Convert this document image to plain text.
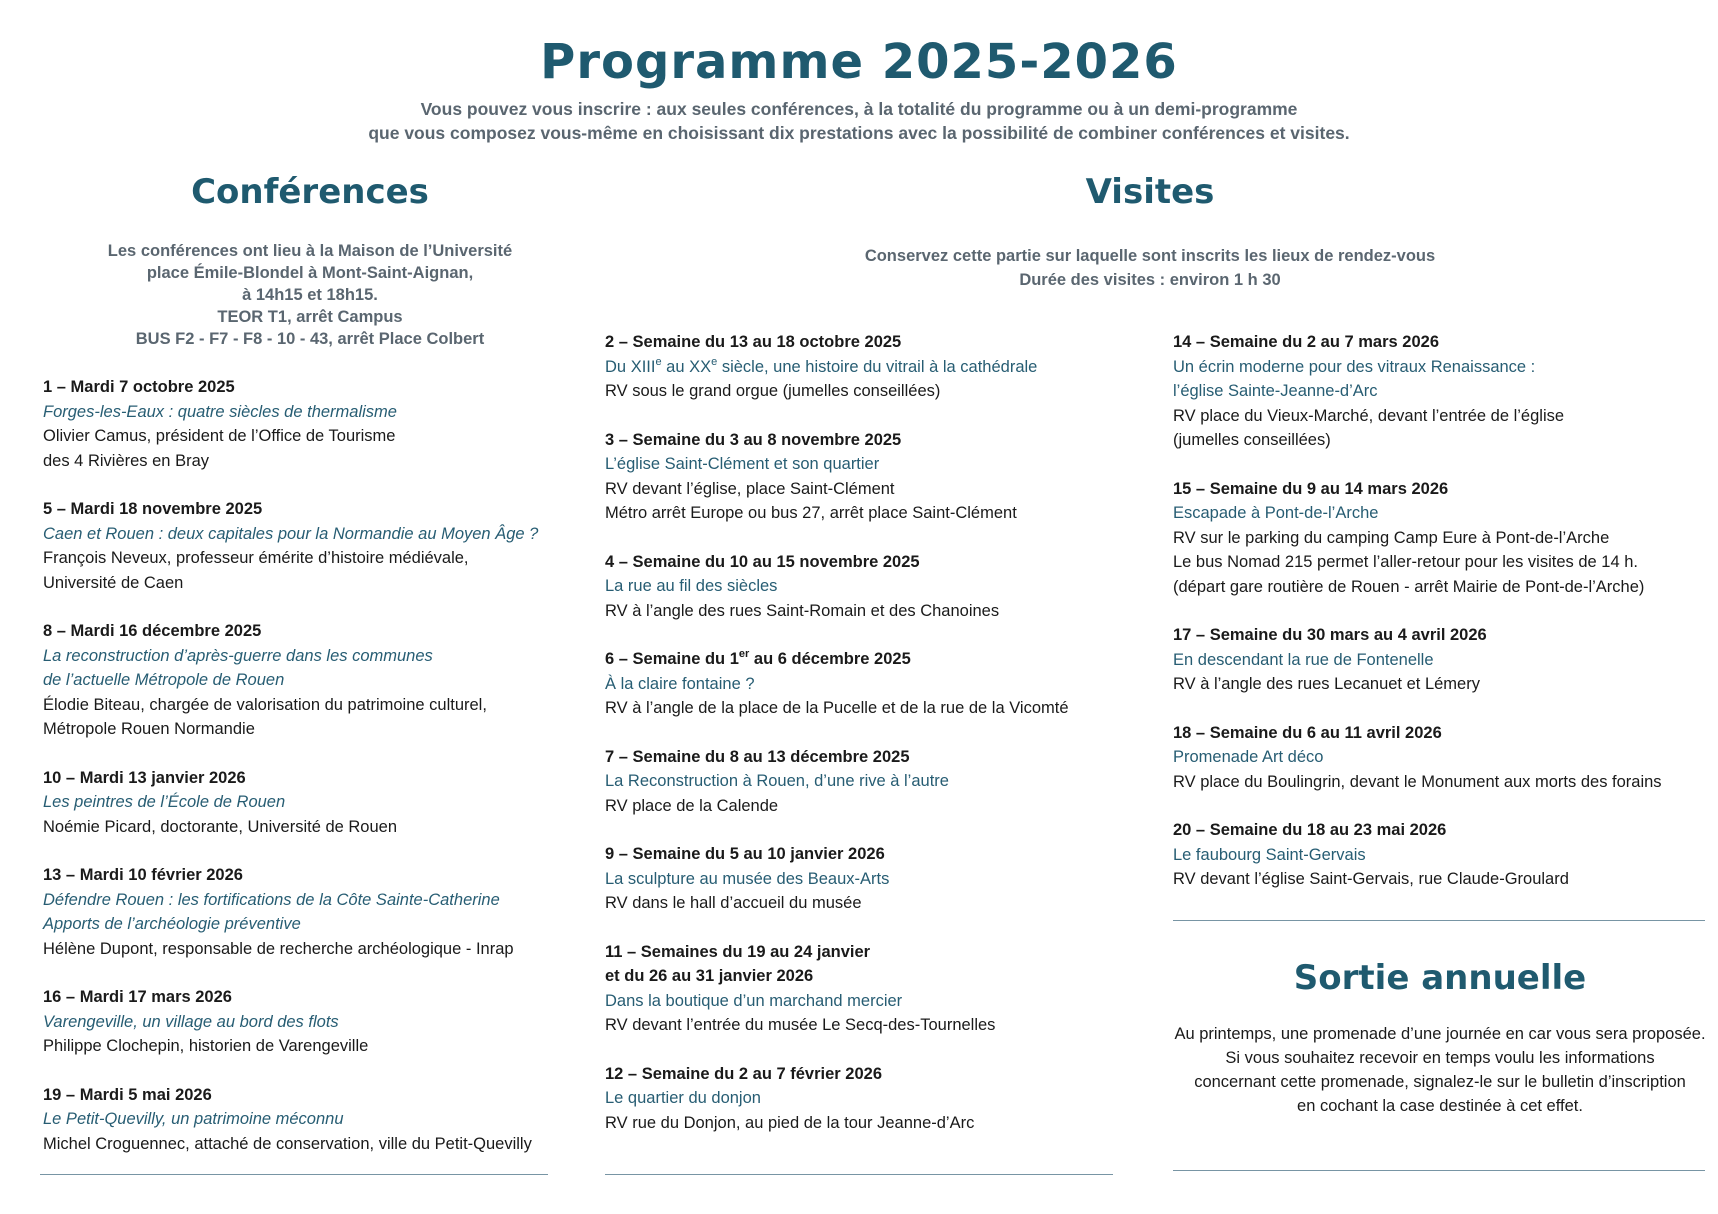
Programme 2025-2026
Vous pouvez vous inscrire : aux seules conférences, à la totalité du programme ou à un demi-programme
que vous composez vous-même en choisissant dix prestations avec la possibilité de combiner conférences et visites.
Conférences	Visites
Les conférences ont lieu à la Maison de l’Université
place Émile-Blondel à Mont-Saint-Aignan,
à 14h15 et 18h15.
TEOR T1, arrêt Campus
BUS F2 - F7 - F8 - 10 - 43, arrêt Place Colbert
Conservez cette partie sur laquelle sont inscrits les lieux de rendez-vous
Durée des visites : environ 1 h 30
1 – Mardi 7 octobre 2025
Forges-les-Eaux : quatre siècles de thermalisme
Olivier Camus, président de l’Office de Tourisme
des 4 Rivières en Bray
5 – Mardi 18 novembre 2025
Caen et Rouen : deux capitales pour la Normandie au Moyen Âge ?
François Neveux, professeur émérite d’histoire médiévale,
Université de Caen
8 – Mardi 16 décembre 2025
La reconstruction d’après-guerre dans les communes
de l’actuelle Métropole de Rouen
Élodie Biteau, chargée de valorisation du patrimoine culturel,
Métropole Rouen Normandie
10 – Mardi 13 janvier 2026
Les peintres de l’École de Rouen
Noémie Picard, doctorante, Université de Rouen
13 – Mardi 10 février 2026
Défendre Rouen : les fortifications de la Côte Sainte-Catherine
Apports de l’archéologie préventive
Hélène Dupont, responsable de recherche archéologique - Inrap
16 – Mardi 17 mars 2026
Varengeville, un village au bord des flots
Philippe Clochepin, historien de Varengeville
19 – Mardi 5 mai 2026
Le Petit-Quevilly, un patrimoine méconnu
Michel Croguennec, attaché de conservation, ville du Petit-Quevilly
2 – Semaine du 13 au 18 octobre 2025
Du XIIIe au XXe siècle, une histoire du vitrail à la cathédrale
RV sous le grand orgue (jumelles conseillées)
3 – Semaine du 3 au 8 novembre 2025
L’église Saint-Clément et son quartier
RV devant l’église, place Saint-Clément
Métro arrêt Europe ou bus 27, arrêt place Saint-Clément
4 – Semaine du 10 au 15 novembre 2025
La rue au fil des siècles
RV à l’angle des rues Saint-Romain et des Chanoines
6 – Semaine du 1er au 6 décembre 2025
À la claire fontaine ?
RV à l’angle de la place de la Pucelle et de la rue de la Vicomté
7 – Semaine du 8 au 13 décembre 2025
La Reconstruction à Rouen, d’une rive à l’autre
RV place de la Calende
9 – Semaine du 5 au 10 janvier 2026
La sculpture au musée des Beaux-Arts
RV dans le hall d’accueil du musée
11 – Semaines du 19 au 24 janvier
et du 26 au 31 janvier 2026
Dans la boutique d’un marchand mercier
RV devant l’entrée du musée Le Secq-des-Tournelles
12 – Semaine du 2 au 7 février 2026
Le quartier du donjon
RV rue du Donjon, au pied de la tour Jeanne-d’Arc
14 – Semaine du 2 au 7 mars 2026
Un écrin moderne pour des vitraux Renaissance :
l’église Sainte-Jeanne-d’Arc
RV place du Vieux-Marché, devant l’entrée de l’église
(jumelles conseillées)
15 – Semaine du 9 au 14 mars 2026
Escapade à Pont-de-l’Arche
RV sur le parking du camping Camp Eure à Pont-de-l’Arche
Le bus Nomad 215 permet l’aller-retour pour les visites de 14 h.
(départ gare routière de Rouen - arrêt Mairie de Pont-de-l’Arche)
17 – Semaine du 30 mars au 4 avril 2026
En descendant la rue de Fontenelle
RV à l’angle des rues Lecanuet et Lémery
18 – Semaine du 6 au 11 avril 2026
Promenade Art déco
RV place du Boulingrin, devant le Monument aux morts des forains
20 – Semaine du 18 au 23 mai 2026
Le faubourg Saint-Gervais
RV devant l’église Saint-Gervais, rue Claude-Groulard
Sortie annuelle
Au printemps, une promenade d’une journée en car vous sera proposée.
Si vous souhaitez recevoir en temps voulu les informations
concernant cette promenade, signalez-le sur le bulletin d’inscription
en cochant la case destinée à cet effet.
